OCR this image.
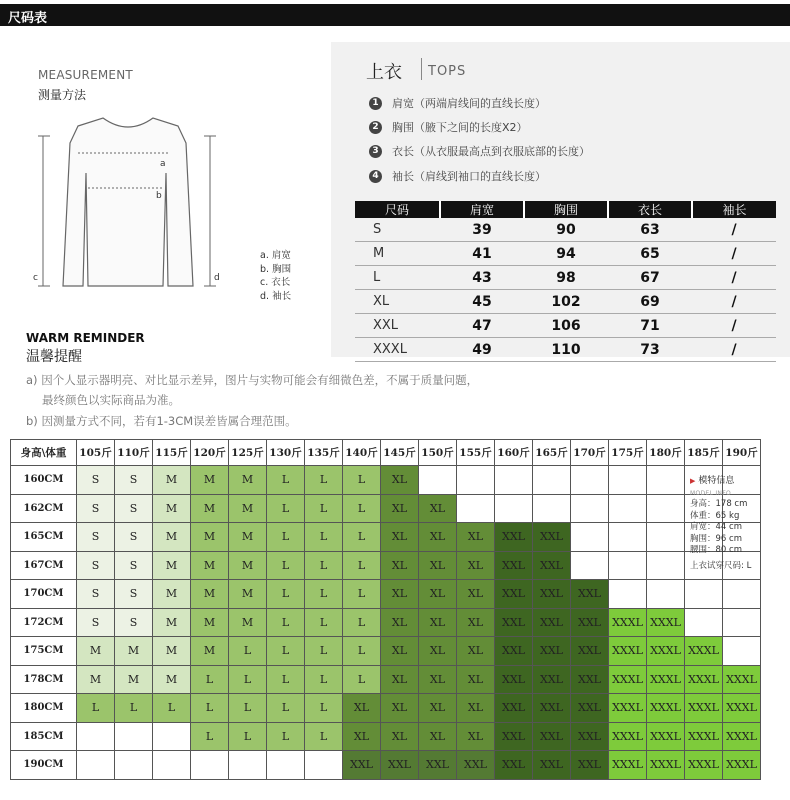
尺码表
MEASUREMENT
测量方法
a
b
c	d
a. 肩宽
b. 胸围
c. 衣长
d. 袖长
WARM REMINDER
温馨提醒
上衣 TOPS
1	肩宽（两端肩线间的直线长度）
2	胸围（腋下之间的长度X2）
3	衣长（从衣服最高点到衣服底部的长度）
4	袖长（肩线到袖口的直线长度）
尺码	肩宽	胸围	衣长	袖长
S	39	90	63	/
M	41	94	65	/
L	43	98	67	/
XL	45	102	69	/
XXL	47	106	71	/
XXXL	49	110	73	/
a) 因个人显示器明亮、对比显示差异，图片与实物可能会有细微色差，不属于质量问题，
最终颜色以实际商品为准。
b) 因测量方式不同，若有1-3CM误差皆属合理范围。
身高\体重	105斤	110斤	115斤	120斤	125斤	130斤	135斤	140斤	145斤	150斤	155斤	160斤	165斤	170斤	175斤	180斤	185斤	190斤
160CM	S	S	M	M	M	L	L	L	XL									
162CM	S	S	M	M	M	L	L	L	XL	XL								
165CM	S	S	M	M	M	L	L	L	XL	XL	XL	XXL	XXL					
167CM	S	S	M	M	M	L	L	L	XL	XL	XL	XXL	XXL					
170CM	S	S	M	M	M	L	L	L	XL	XL	XL	XXL	XXL	XXL				
172CM	S	S	M	M	M	L	L	L	XL	XL	XL	XXL	XXL	XXL	XXXL	XXXL		
175CM	M	M	M	M	L	L	L	L	XL	XL	XL	XXL	XXL	XXL	XXXL	XXXL	XXXL	
178CM	M	M	M	L	L	L	L	L	XL	XL	XL	XXL	XXL	XXL	XXXL	XXXL	XXXL	XXXL
180CM	L	L	L	L	L	L	L	XL	XL	XL	XL	XXL	XXL	XXL	XXXL	XXXL	XXXL	XXXL
185CM				L	L	L	L	XL	XL	XL	XL	XXL	XXL	XXL	XXXL	XXXL	XXXL	XXXL
190CM								XXL	XXL	XXL	XXL	XXL	XXL	XXL	XXXL	XXXL	XXXL	XXXL
▶ 模特信息
MODEL INFO
身高：178 cm
体重：65 kg
肩宽：44 cm
胸围：96 cm
腰围：80 cm
上衣试穿尺码: L
